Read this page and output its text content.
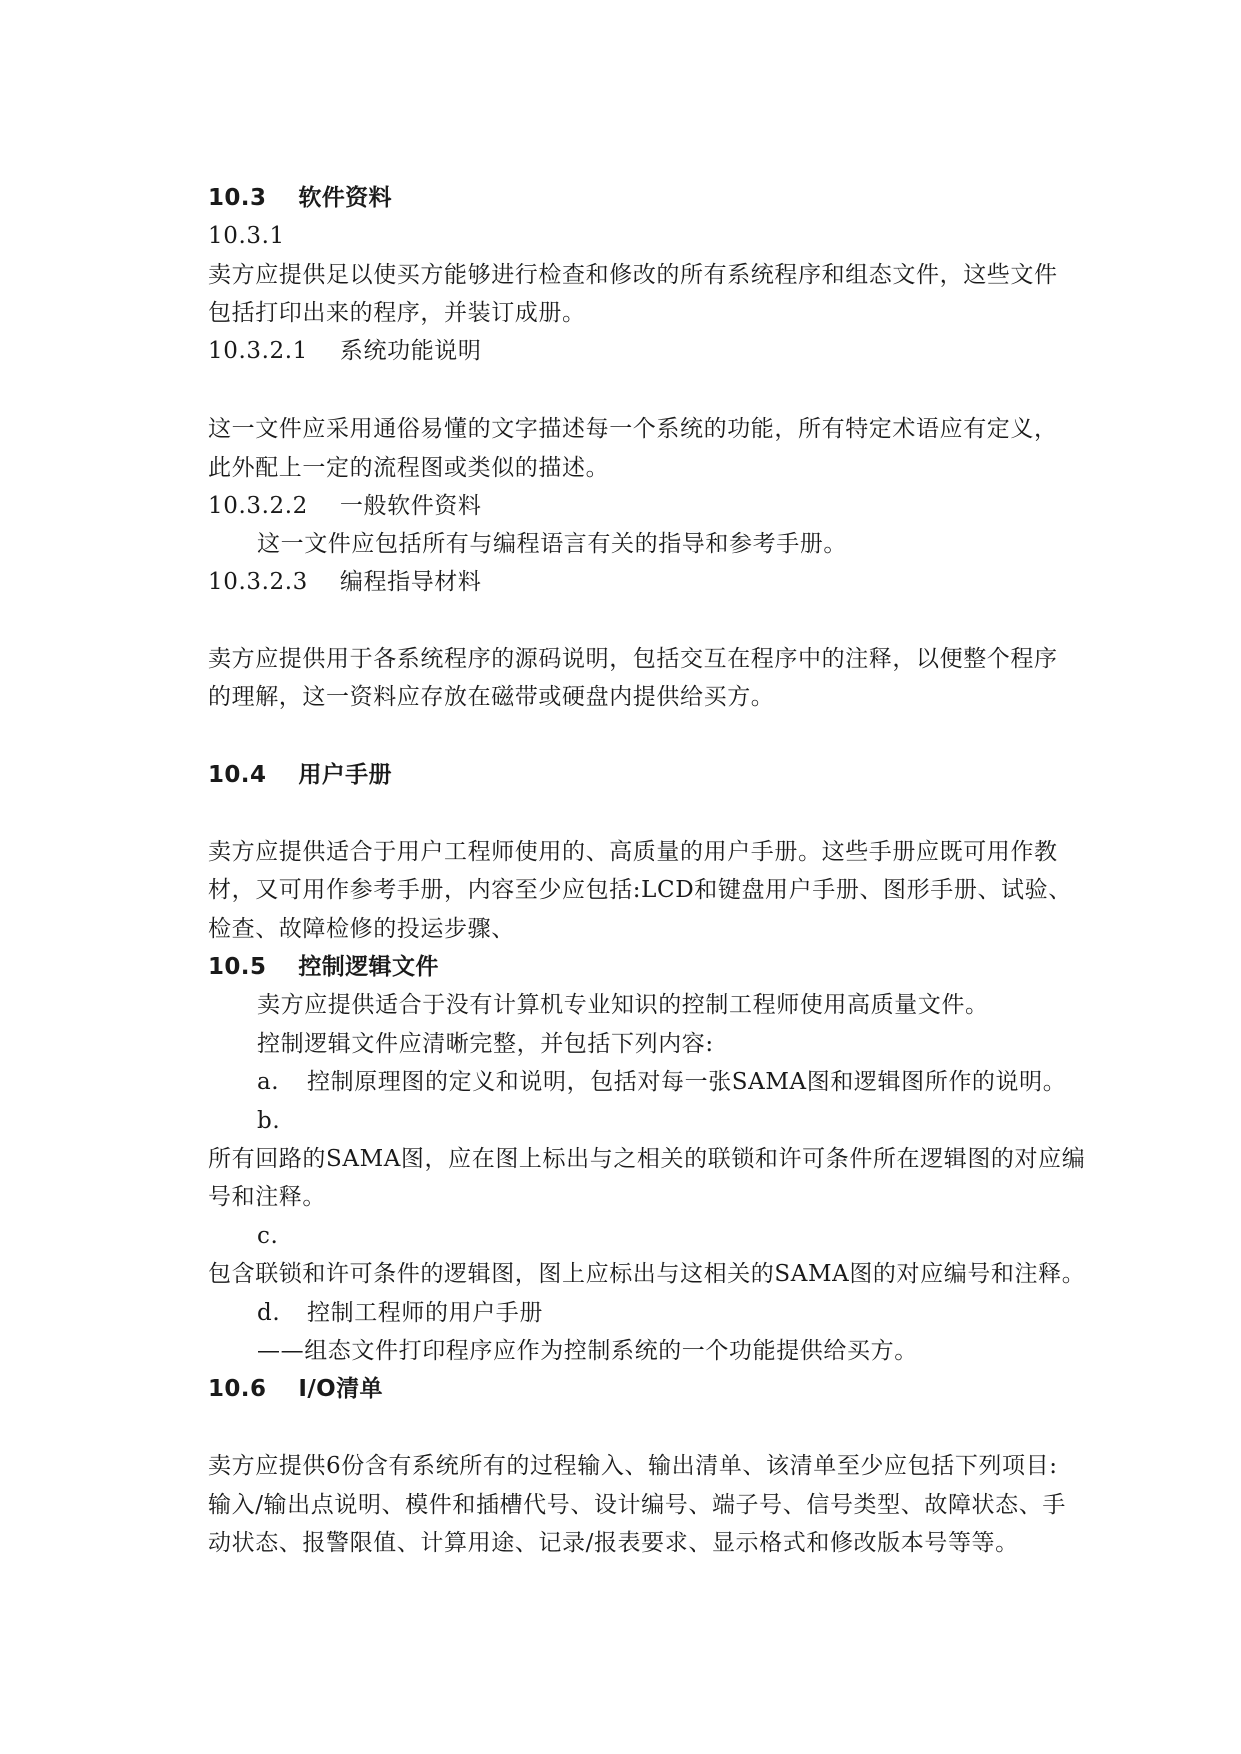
10.3 软件资料
10.3.1
卖方应提供足以使买方能够进行检查和修改的所有系统程序和组态文件，这些文件
包括打印出来的程序，并装订成册。
10.3.2.1 系统功能说明
这一文件应采用通俗易懂的文字描述每一个系统的功能，所有特定术语应有定义，
此外配上一定的流程图或类似的描述。
10.3.2.2 一般软件资料
这一文件应包括所有与编程语言有关的指导和参考手册。
10.3.2.3 编程指导材料
卖方应提供用于各系统程序的源码说明，包括交互在程序中的注释，以便整个程序
的理解，这一资料应存放在磁带或硬盘内提供给买方。
10.4 用户手册
卖方应提供适合于用户工程师使用的、高质量的用户手册。这些手册应既可用作教
材，又可用作参考手册，内容至少应包括:LCD和键盘用户手册、图形手册、试验、
检查、故障检修的投运步骤、
10.5 控制逻辑文件
卖方应提供适合于没有计算机专业知识的控制工程师使用高质量文件。
控制逻辑文件应清晰完整，并包括下列内容:
a. 控制原理图的定义和说明，包括对每一张SAMA图和逻辑图所作的说明。
b.
所有回路的SAMA图，应在图上标出与之相关的联锁和许可条件所在逻辑图的对应编
号和注释。
c.
包含联锁和许可条件的逻辑图，图上应标出与这相关的SAMA图的对应编号和注释。
d. 控制工程师的用户手册
——组态文件打印程序应作为控制系统的一个功能提供给买方。
10.6 I/O清单
卖方应提供6份含有系统所有的过程输入、输出清单、该清单至少应包括下列项目:
输入/输出点说明、模件和插槽代号、设计编号、端子号、信号类型、故障状态、手
动状态、报警限值、计算用途、记录/报表要求、显示格式和修改版本号等等。
